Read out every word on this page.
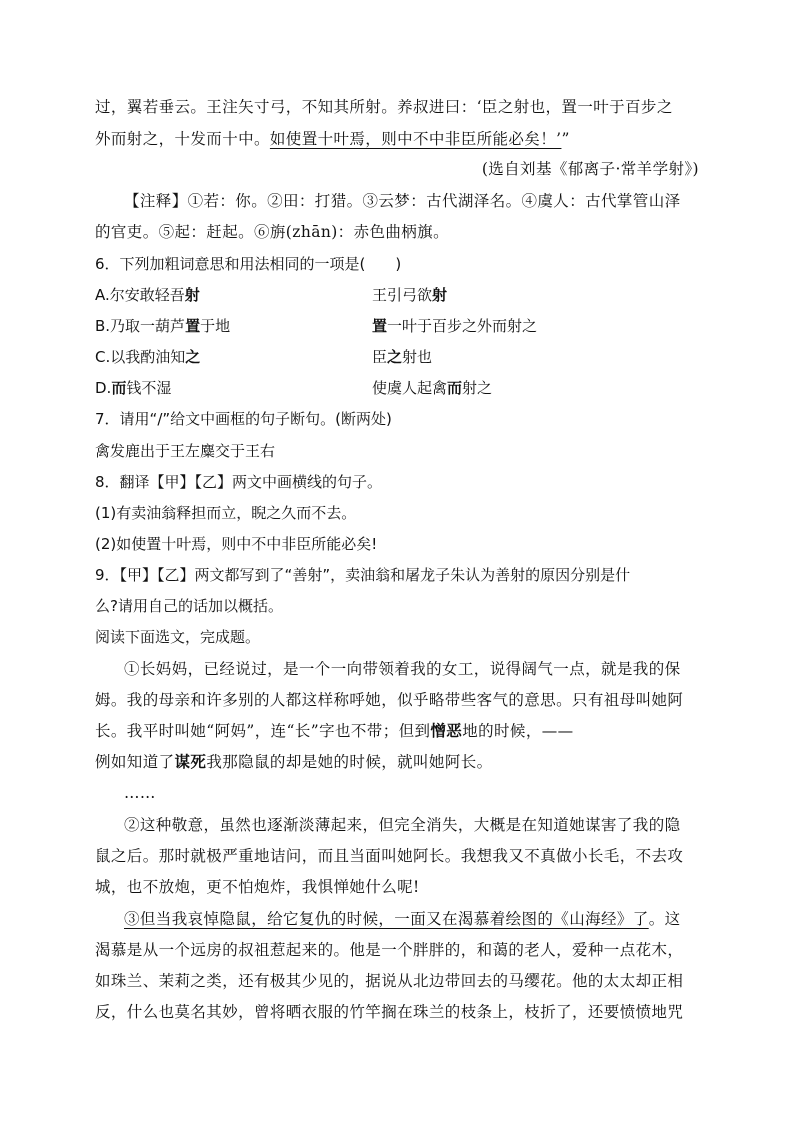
过，翼若垂云。王注矢寸弓，不知其所射。养叔进曰：‘臣之射也，置一叶于百步之
外而射之，十发而十中。如使置十叶焉，则中不中非臣所能必矣！’”
(选自刘基《郁离子·常羊学射》)
【注释】①若：你。②田：打猎。③云梦：古代湖泽名。④虞人：古代掌管山泽
的官吏。⑤起：赶起。⑥旃(zhān)：赤色曲柄旗。
6．下列加粗词意思和用法相同的一项是(　　)
A.尔安敢轻吾射	王引弓欲射
B.乃取一葫芦置于地	置一叶于百步之外而射之
C.以我酌油知之	臣之射也
D.而钱不湿	使虞人起禽而射之
7．请用“/”给文中画框的句子断句。(断两处)
禽发鹿出于王左麋交于王右
8．翻译【甲】【乙】两文中画横线的句子。
(1)有卖油翁释担而立，睨之久而不去。
(2)如使置十叶焉，则中不中非臣所能必矣!
9．【甲】【乙】两文都写到了“善射”，卖油翁和屠龙子朱认为善射的原因分别是什
么?请用自己的话加以概括。
阅读下面选文，完成题。
①长妈妈，已经说过，是一个一向带领着我的女工，说得阔气一点，就是我的保
姆。我的母亲和许多别的人都这样称呼她，似乎略带些客气的意思。只有祖母叫她阿
长。我平时叫她“阿妈”，连“长”字也不带；但到憎恶地的时候，——
例如知道了谋死我那隐鼠的却是她的时候，就叫她阿长。
……
②这种敬意，虽然也逐渐淡薄起来，但完全消失，大概是在知道她谋害了我的隐
鼠之后。那时就极严重地诘问，而且当面叫她阿长。我想我又不真做小长毛，不去攻
城，也不放炮，更不怕炮炸，我惧惮她什么呢!
③但当我哀悼隐鼠，给它复仇的时候，一面又在渴慕着绘图的《山海经》了。这
渴慕是从一个远房的叔祖惹起来的。他是一个胖胖的，和蔼的老人，爱种一点花木，
如珠兰、茉莉之类，还有极其少见的，据说从北边带回去的马缨花。他的太太却正相
反，什么也莫名其妙，曾将晒衣服的竹竿搁在珠兰的枝条上，枝折了，还要愤愤地咒
